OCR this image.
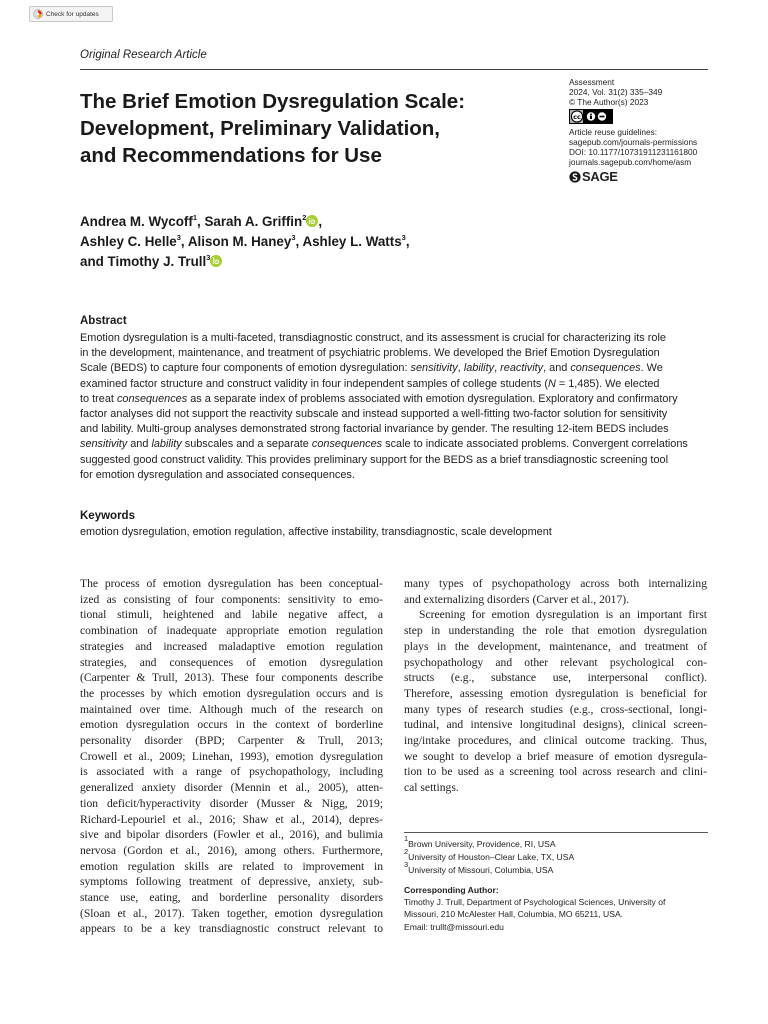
Check for updates
Original Research Article
The Brief Emotion Dysregulation Scale:
Development, Preliminary Validation,
and Recommendations for Use
Assessment
2024, Vol. 31(2) 335–349
© The Author(s) 2023
cc
Article reuse guidelines:
sagepub.com/journals-permissions
DOI: 10.1177/10731911231161800
journals.sagepub.com/home/asm
SAGE
Andrea M. Wycoff$^1$, Sarah A. Griffin$^2$ ,
Ashley C. Helle$^3$, Alison M. Haney$^3$, Ashley L. Watts$^3$,
and Timothy J. Trull$^3$
Abstract
Emotion dysregulation is a multi-faceted, transdiagnostic construct, and its assessment is crucial for characterizing its role
in the development, maintenance, and treatment of psychiatric problems. We developed the Brief Emotion Dysregulation
Scale (BEDS) to capture four components of emotion dysregulation: sensitivity, lability, reactivity, and consequences. We
examined factor structure and construct validity in four independent samples of college students (N = 1,485). We elected
to treat consequences as a separate index of problems associated with emotion dysregulation. Exploratory and confirmatory
factor analyses did not support the reactivity subscale and instead supported a well-fitting two-factor solution for sensitivity
and lability. Multi-group analyses demonstrated strong factorial invariance by gender. The resulting 12-item BEDS includes
sensitivity and lability subscales and a separate consequences scale to indicate associated problems. Convergent correlations
suggested good construct validity. This provides preliminary support for the BEDS as a brief transdiagnostic screening tool
for emotion dysregulation and associated consequences.
Keywords
emotion dysregulation, emotion regulation, affective instability, transdiagnostic, scale development
The process of emotion dysregulation has been conceptual-
ized as consisting of four components: sensitivity to emo-
tional stimuli, heightened and labile negative affect, a
combination of inadequate appropriate emotion regulation
strategies and increased maladaptive emotion regulation
strategies, and consequences of emotion dysregulation
(Carpenter & Trull, 2013). These four components describe
the processes by which emotion dysregulation occurs and is
maintained over time. Although much of the research on
emotion dysregulation occurs in the context of borderline
personality disorder (BPD; Carpenter & Trull, 2013;
Crowell et al., 2009; Linehan, 1993), emotion dysregulation
is associated with a range of psychopathology, including
generalized anxiety disorder (Mennin et al., 2005), atten-
tion deficit/hyperactivity disorder (Musser & Nigg, 2019;
Richard-Lepouriel et al., 2016; Shaw et al., 2014), depres-
sive and bipolar disorders (Fowler et al., 2016), and bulimia
nervosa (Gordon et al., 2016), among others. Furthermore,
emotion regulation skills are related to improvement in
symptoms following treatment of depressive, anxiety, sub-
stance use, eating, and borderline personality disorders
(Sloan et al., 2017). Taken together, emotion dysregulation
appears to be a key transdiagnostic construct relevant to
many types of psychopathology across both internalizing
and externalizing disorders (Carver et al., 2017).
Screening for emotion dysregulation is an important first
step in understanding the role that emotion dysregulation
plays in the development, maintenance, and treatment of
psychopathology and other relevant psychological con-
structs (e.g., substance use, interpersonal conflict).
Therefore, assessing emotion dysregulation is beneficial for
many types of research studies (e.g., cross-sectional, longi-
tudinal, and intensive longitudinal designs), clinical screen-
ing/intake procedures, and clinical outcome tracking. Thus,
we sought to develop a brief measure of emotion dysregula-
tion to be used as a screening tool across research and clini-
cal settings.
$^1$Brown University, Providence, RI, USA
$^2$University of Houston–Clear Lake, TX, USA
$^3$University of Missouri, Columbia, USA
Corresponding Author:
Timothy J. Trull, Department of Psychological Sciences, University of
Missouri, 210 McAlester Hall, Columbia, MO 65211, USA.
Email: trullt@missouri.edu
